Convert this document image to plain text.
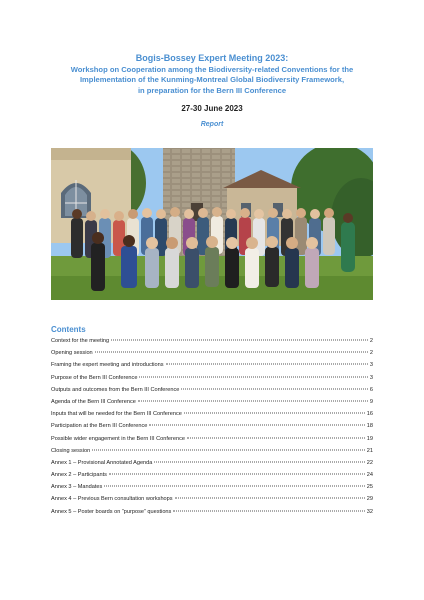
Bogis-Bossey Expert Meeting 2023:

Workshop on Cooperation among the Biodiversity-related Conventions for the
Implementation of the Kunming-Montreal Global Biodiversity Framework,
in preparation for the Bern III Conference

27-30 June 2023
Report
Contents
Context for the meeting	2
Opening session	2
Framing the expert meeting and introductions	3
Purpose of the Bern III Conference	3
Outputs and outcomes from the Bern III Conference	6
Agenda of the Bern III Conference	9
Inputs that will be needed for the Bern III Conference	16
Participation at the Bern III Conference	18
Possible wider engagement in the Bern III Conference	19
Closing session	21
Annex 1 – Provisional Annotated Agenda	22
Annex 2 – Participants	24
Annex 3 – Mandates	25
Annex 4 – Previous Bern consultation workshops	29
Annex 5 – Poster boards on “purpose” questions	32
